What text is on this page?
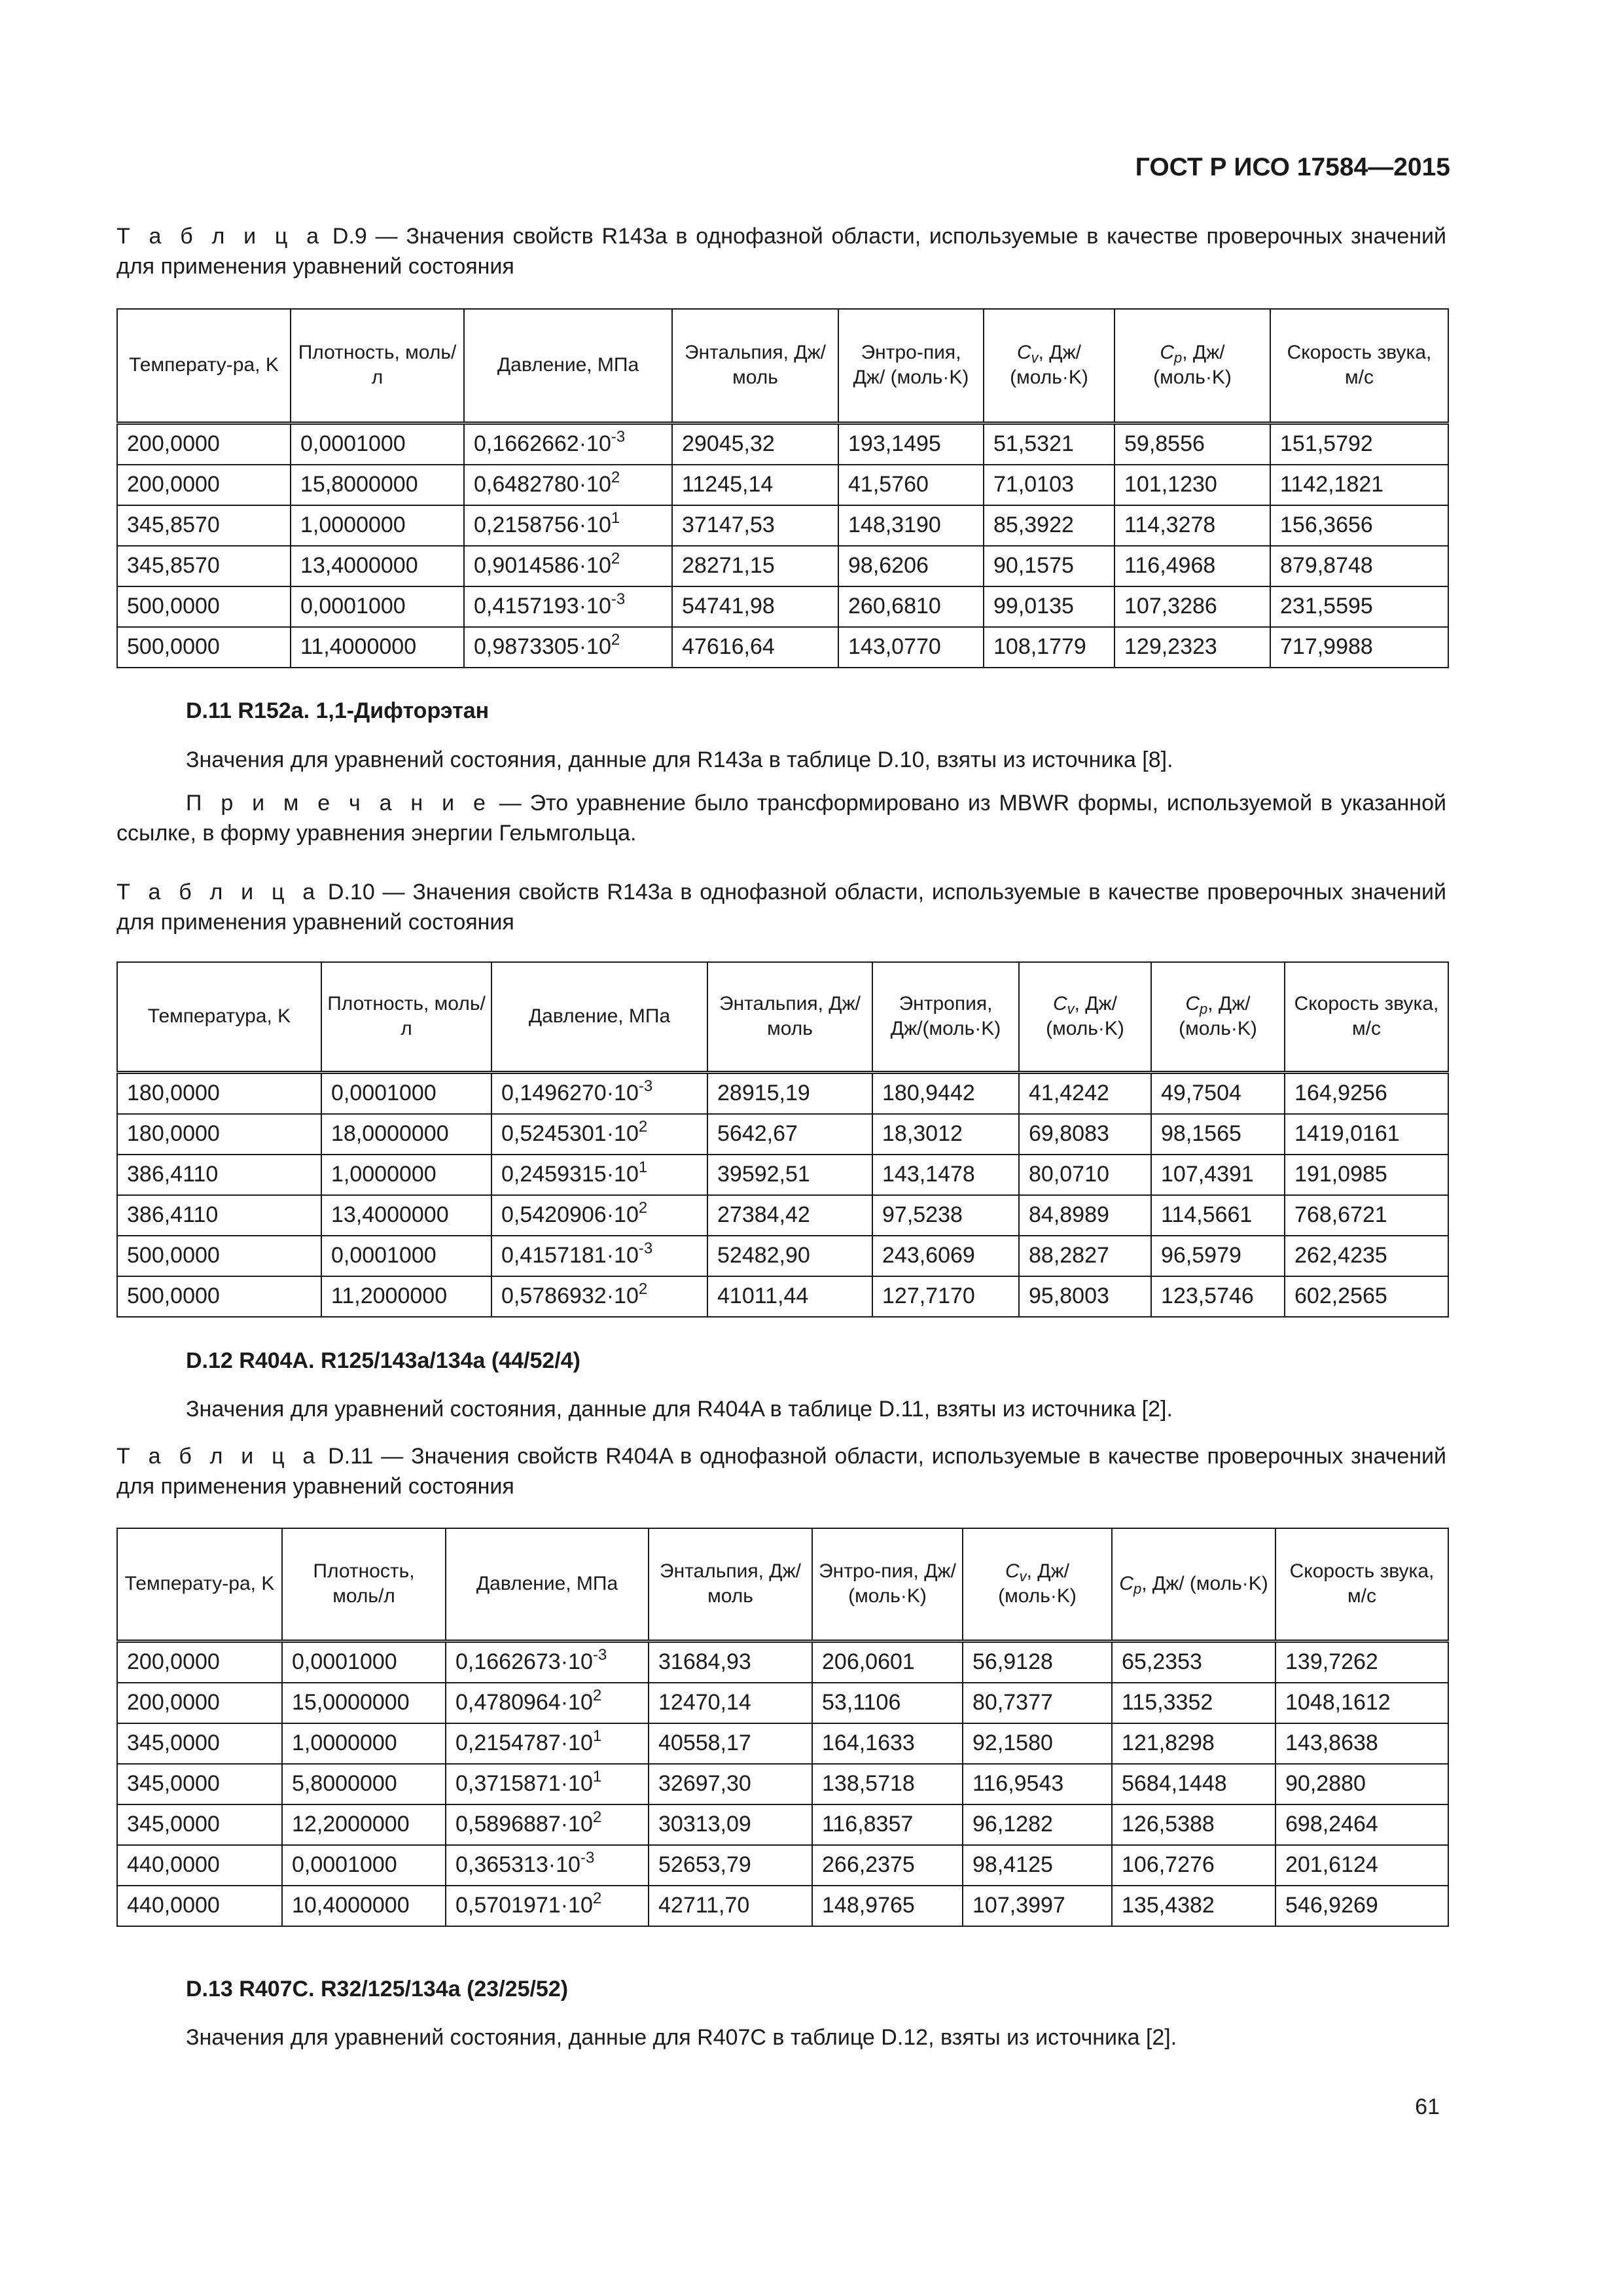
ГОСТ Р ИСО 17584—2015
Т а б л и ц а D.9 — Значения свойств R143a в однофазной области, используемые в качестве проверочных значений для применения уравнений состояния
Температу-ра, K	Плотность, моль/л	Давление, МПа	Энтальпия, Дж/моль	Энтро-пия, Дж/ (моль·K)	$C_v$, Дж/ (моль·K)	$C_p$, Дж/ (моль·K)	Скорость звука, м/с
200,0000	0,0001000	$0,1662662\cdot 10^{-3}$	29045,32	193,1495	51,5321	59,8556	151,5792
200,0000	15,8000000	$0,6482780\cdot 10^2$	11245,14	41,5760	71,0103	101,1230	1142,1821
345,8570	1,0000000	$0,2158756\cdot 10^1$	37147,53	148,3190	85,3922	114,3278	156,3656
345,8570	13,4000000	$0,9014586\cdot 10^2$	28271,15	98,6206	90,1575	116,4968	879,8748
500,0000	0,0001000	$0,4157193\cdot 10^{-3}$	54741,98	260,6810	99,0135	107,3286	231,5595
500,0000	11,4000000	$0,9873305\cdot 10^2$	47616,64	143,0770	108,1779	129,2323	717,9988
D.11 R152a. 1,1-Дифторэтан
Значения для уравнений состояния, данные для R143a в таблице D.10, взяты из источника [8].
П р и м е ч а н и е — Это уравнение было трансформировано из MBWR формы, используемой в указанной ссылке, в форму уравнения энергии Гельмгольца.
Т а б л и ц а D.10 — Значения свойств R143a в однофазной области, используемые в качестве проверочных значений для применения уравнений состояния
Температура, K	Плотность, моль/л	Давление, МПа	Энтальпия, Дж/моль	Энтропия, Дж/(моль·K)	$C_v$, Дж/ (моль·K)	$C_p$, Дж/ (моль·K)	Скорость звука, м/с
180,0000	0,0001000	$0,1496270\cdot 10^{-3}$	28915,19	180,9442	41,4242	49,7504	164,9256
180,0000	18,0000000	$0,5245301\cdot 10^2$	5642,67	18,3012	69,8083	98,1565	1419,0161
386,4110	1,0000000	$0,2459315\cdot 10^1$	39592,51	143,1478	80,0710	107,4391	191,0985
386,4110	13,4000000	$0,5420906\cdot 10^2$	27384,42	97,5238	84,8989	114,5661	768,6721
500,0000	0,0001000	$0,4157181\cdot 10^{-3}$	52482,90	243,6069	88,2827	96,5979	262,4235
500,0000	11,2000000	$0,5786932\cdot 10^2$	41011,44	127,7170	95,8003	123,5746	602,2565
D.12 R404A. R125/143a/134a (44/52/4)
Значения для уравнений состояния, данные для R404A в таблице D.11, взяты из источника [2].
Т а б л и ц а D.11 — Значения свойств R404A в однофазной области, используемые в качестве проверочных значений для применения уравнений состояния
Температу-ра, K	Плотность, моль/л	Давление, МПа	Энтальпия, Дж/моль	Энтро-пия, Дж/ (моль·K)	$C_v$, Дж/ (моль·K)	$C_p$, Дж/ (моль·K)	Скорость звука, м/с
200,0000	0,0001000	$0,1662673\cdot 10^{-3}$	31684,93	206,0601	56,9128	65,2353	139,7262
200,0000	15,0000000	$0,4780964\cdot 10^2$	12470,14	53,1106	80,7377	115,3352	1048,1612
345,0000	1,0000000	$0,2154787\cdot 10^1$	40558,17	164,1633	92,1580	121,8298	143,8638
345,0000	5,8000000	$0,3715871\cdot 10^1$	32697,30	138,5718	116,9543	5684,1448	90,2880
345,0000	12,2000000	$0,5896887\cdot 10^2$	30313,09	116,8357	96,1282	126,5388	698,2464
440,0000	0,0001000	$0,365313\cdot 10^{-3}$	52653,79	266,2375	98,4125	106,7276	201,6124
440,0000	10,4000000	$0,5701971\cdot 10^2$	42711,70	148,9765	107,3997	135,4382	546,9269
D.13 R407C. R32/125/134a (23/25/52)
Значения для уравнений состояния, данные для R407C в таблице D.12, взяты из источника [2].
61
